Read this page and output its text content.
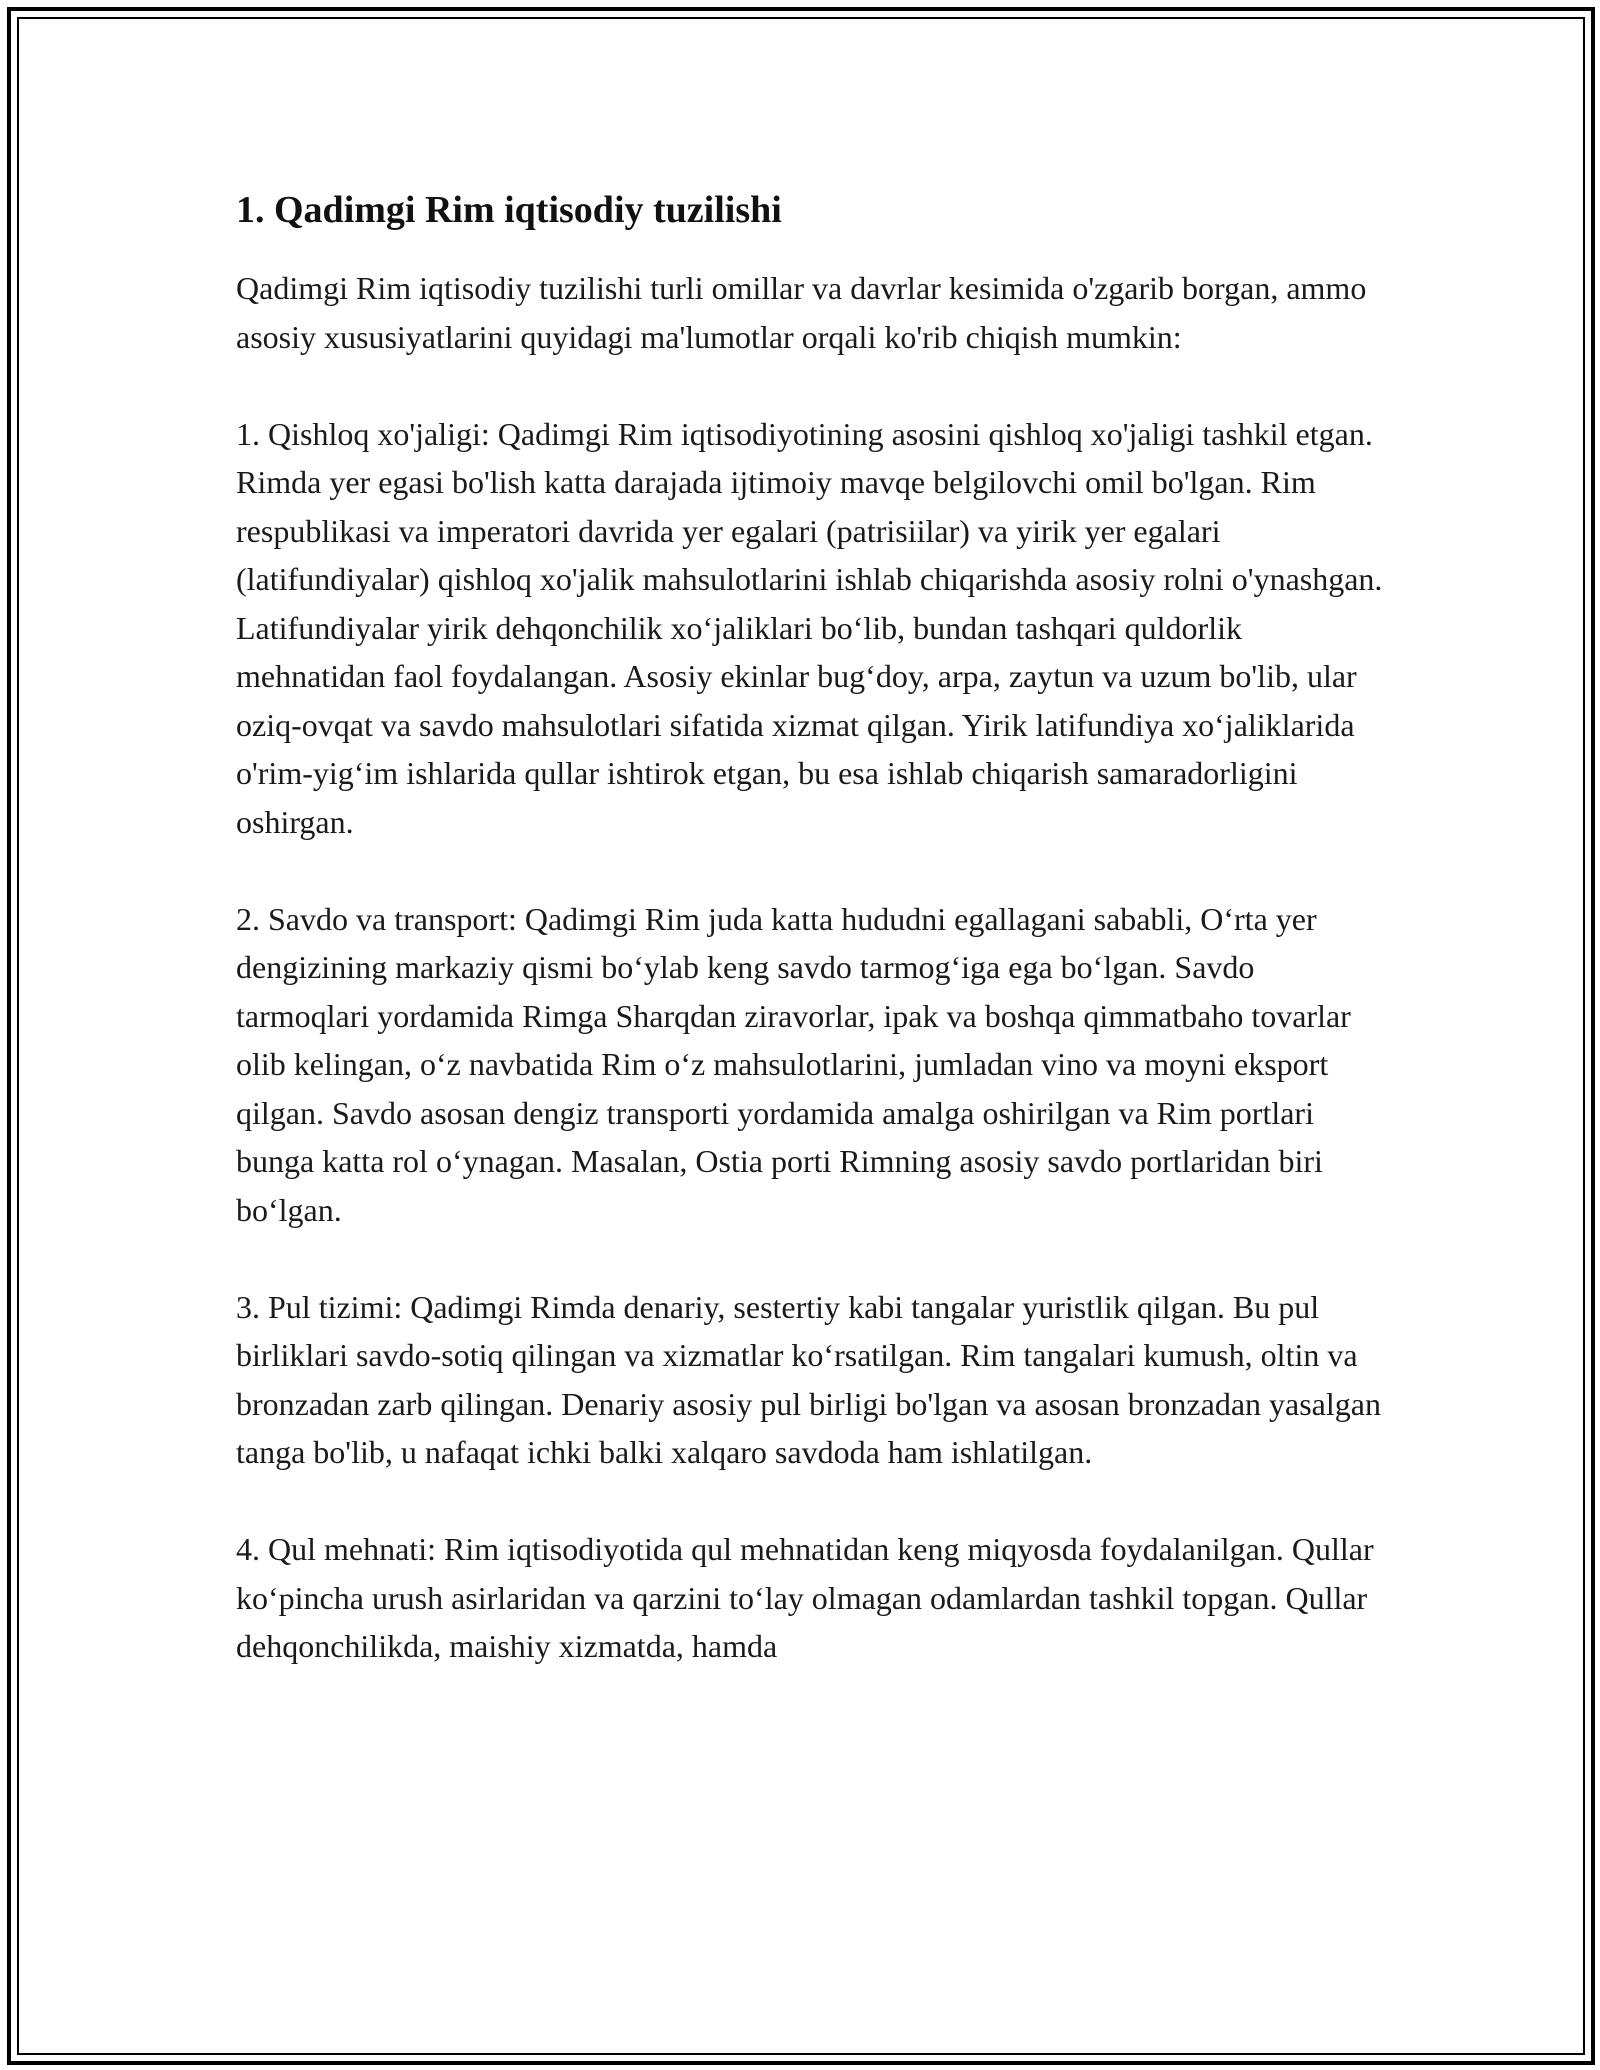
1. Qadimgi Rim iqtisodiy tuzilishi

Qadimgi Rim iqtisodiy tuzilishi turli omillar va davrlar kesimida o'zgarib borgan, ammo asosiy xususiyatlarini quyidagi ma'lumotlar orqali ko'rib chiqish mumkin:

1. Qishloq xo'jaligi: Qadimgi Rim iqtisodiyotining asosini qishloq xo'jaligi tashkil etgan. Rimda yer egasi bo'lish katta darajada ijtimoiy mavqe belgilovchi omil bo'lgan. Rim respublikasi va imperatori davrida yer egalari (patrisiilar) va yirik yer egalari (latifundiyalar) qishloq xo'jalik mahsulotlarini ishlab chiqarishda asosiy rolni o'ynashgan. Latifundiyalar yirik dehqonchilik xo‘jaliklari bo‘lib, bundan tashqari quldorlik mehnatidan faol foydalangan. Asosiy ekinlar bug‘doy, arpa, zaytun va uzum bo'lib, ular oziq-ovqat va savdo mahsulotlari sifatida xizmat qilgan. Yirik latifundiya xo‘jaliklarida o'rim-yig‘im ishlarida qullar ishtirok etgan, bu esa ishlab chiqarish samaradorligini oshirgan.

2. Savdo va transport: Qadimgi Rim juda katta hududni egallagani sababli, O‘rta yer dengizining markaziy qismi bo‘ylab keng savdo tarmog‘iga ega bo‘lgan. Savdo tarmoqlari yordamida Rimga Sharqdan ziravorlar, ipak va boshqa qimmatbaho tovarlar olib kelingan, o‘z navbatida Rim o‘z mahsulotlarini, jumladan vino va moyni eksport qilgan. Savdo asosan dengiz transporti yordamida amalga oshirilgan va Rim portlari bunga katta rol o‘ynagan. Masalan, Ostia porti Rimning asosiy savdo portlaridan biri bo‘lgan.

3. Pul tizimi: Qadimgi Rimda denariy, sestertiy kabi tangalar yuristlik qilgan. Bu pul birliklari savdo-sotiq qilingan va xizmatlar ko‘rsatilgan. Rim tangalari kumush, oltin va bronzadan zarb qilingan. Denariy asosiy pul birligi bo'lgan va asosan bronzadan yasalgan tanga bo'lib, u nafaqat ichki balki xalqaro savdoda ham ishlatilgan.

4. Qul mehnati: Rim iqtisodiyotida qul mehnatidan keng miqyosda foydalanilgan. Qullar ko‘pincha urush asirlaridan va qarzini to‘lay olmagan odamlardan tashkil topgan. Qullar dehqonchilikda, maishiy xizmatda, hamda
